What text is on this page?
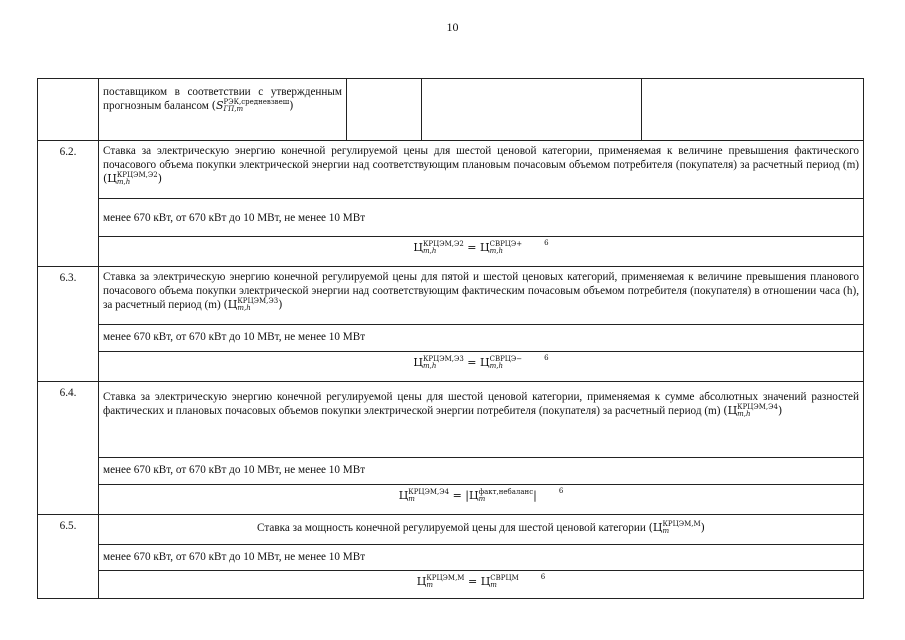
10

	поставщиком в соответствии с утвержденным прогнозным балансом (SРЭК,средневзвеш
ГП,m )			

6.2.	Ставка за электрическую энергию конечной регулируемой цены для шестой ценовой категории, применяемая к величине превышения фактического почасового объема покупки электрической энергии над соответствующим плановым почасовым объемом потребителя (покупателя) за расчетный период (m) (ЦКРЦЭМ,Э2
m,h )			

	менее 670 кВт, от 670 кВт до 10 МВт, не менее 10 МВт			

	ЦКРЦЭМ,Э2
m,h = ЦСВРЦЭ+
m,h$^6$

6.3.	Ставка за электрическую энергию конечной регулируемой цены для пятой и шестой ценовых категорий, применяемая к величине превышения планового почасового объема покупки электрической энергии над соответствующим фактическим почасовым объемом потребителя (покупателя) в отношении часа (h), за расчетный период (m) (ЦКРЦЭМ,Э3
m,h )			

	менее 670 кВт, от 670 кВт до 10 МВт, не менее 10 МВт			

	ЦКРЦЭМ,Э3
m,h = ЦСВРЦЭ−
m,h$^6$

6.4.	Ставка за электрическую энергию конечной регулируемой цены для шестой ценовой категории, применяемая к сумме абсолютных значений разностей фактических и плановых почасовых объемов покупки электрической энергии потребителя (покупателя) за расчетный период (m) (ЦКРЦЭМ,Э4
m,h )			

	менее 670 кВт, от 670 кВт до 10 МВт, не менее 10 МВт			

	ЦКРЦЭМ,Э4
m = |Цфакт,небаланс
m | $^6$

6.5.	Ставка за мощность конечной регулируемой цены для шестой ценовой категории (ЦКРЦЭМ,М
m )			

	менее 670 кВт, от 670 кВт до 10 МВт, не менее 10 МВт			

	ЦКРЦЭМ,М
m = ЦСВРЦМ
m$^6$
